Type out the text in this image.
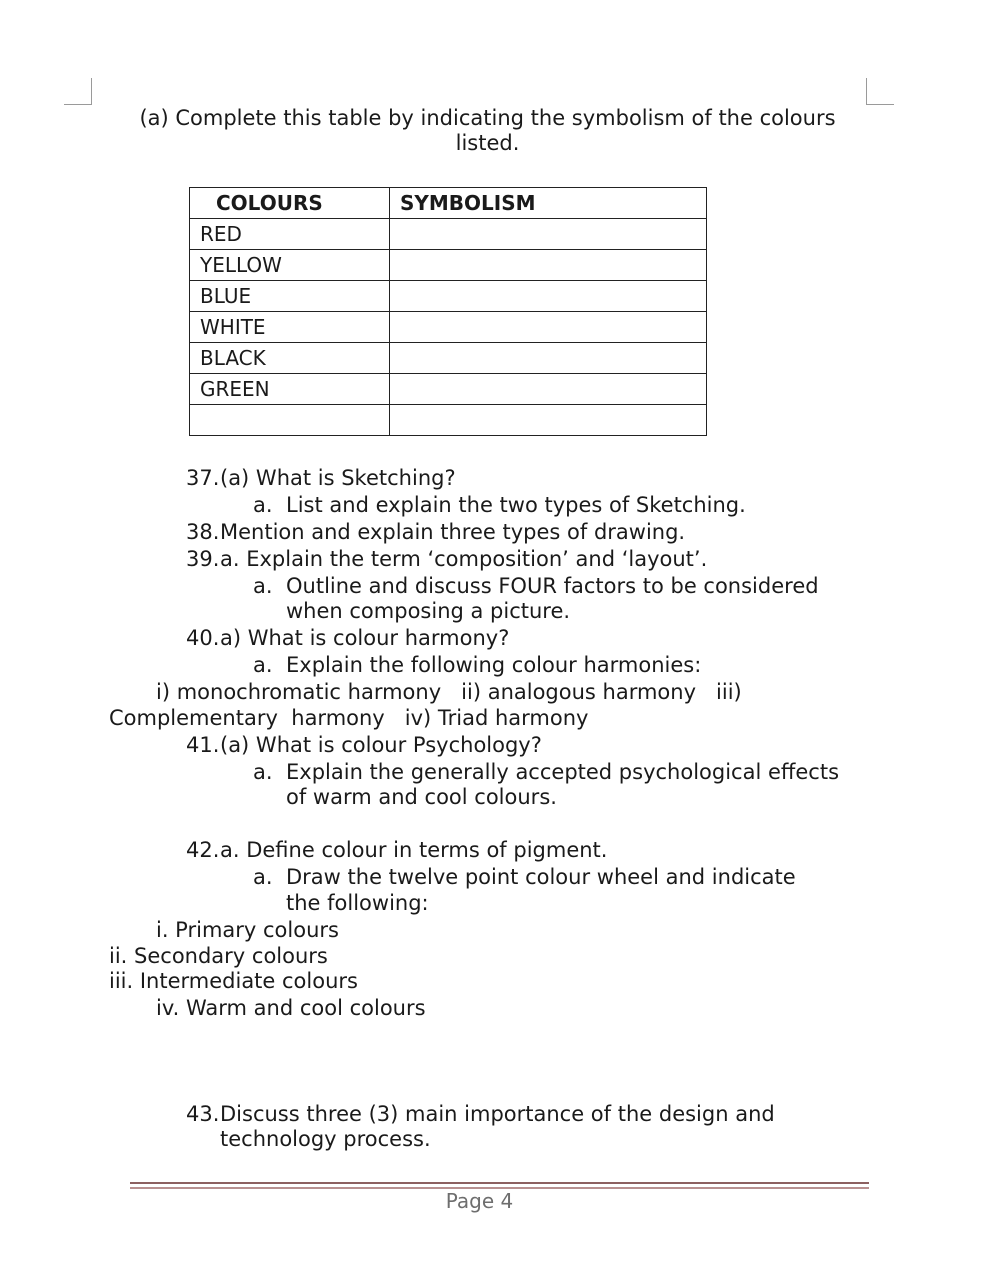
(a) Complete this table by indicating the symbolism of the colours listed.
COLOURS	SYMBOLISM
RED	
YELLOW	
BLUE	
WHITE	
BLACK	
GREEN	

37.(a) What is Sketching?
a. List and explain the two types of Sketching.
38.Mention and explain three types of drawing.
39.a. Explain the term ‘composition’ and ‘layout’.
a. Outline and discuss FOUR factors to be considered
when composing a picture.
40.a) What is colour harmony?
a. Explain the following colour harmonies:
i) monochromatic harmony   ii) analogous harmony   iii)
Complementary  harmony   iv) Triad harmony
41.(a) What is colour Psychology?
a. Explain the generally accepted psychological effects
of warm and cool colours.
42.a. Define colour in terms of pigment.
a. Draw the twelve point colour wheel and indicate
the following:
i. Primary colours
ii. Secondary colours
iii. Intermediate colours
iv. Warm and cool colours
43.Discuss three (3) main importance of the design and
technology process.
Page 4
